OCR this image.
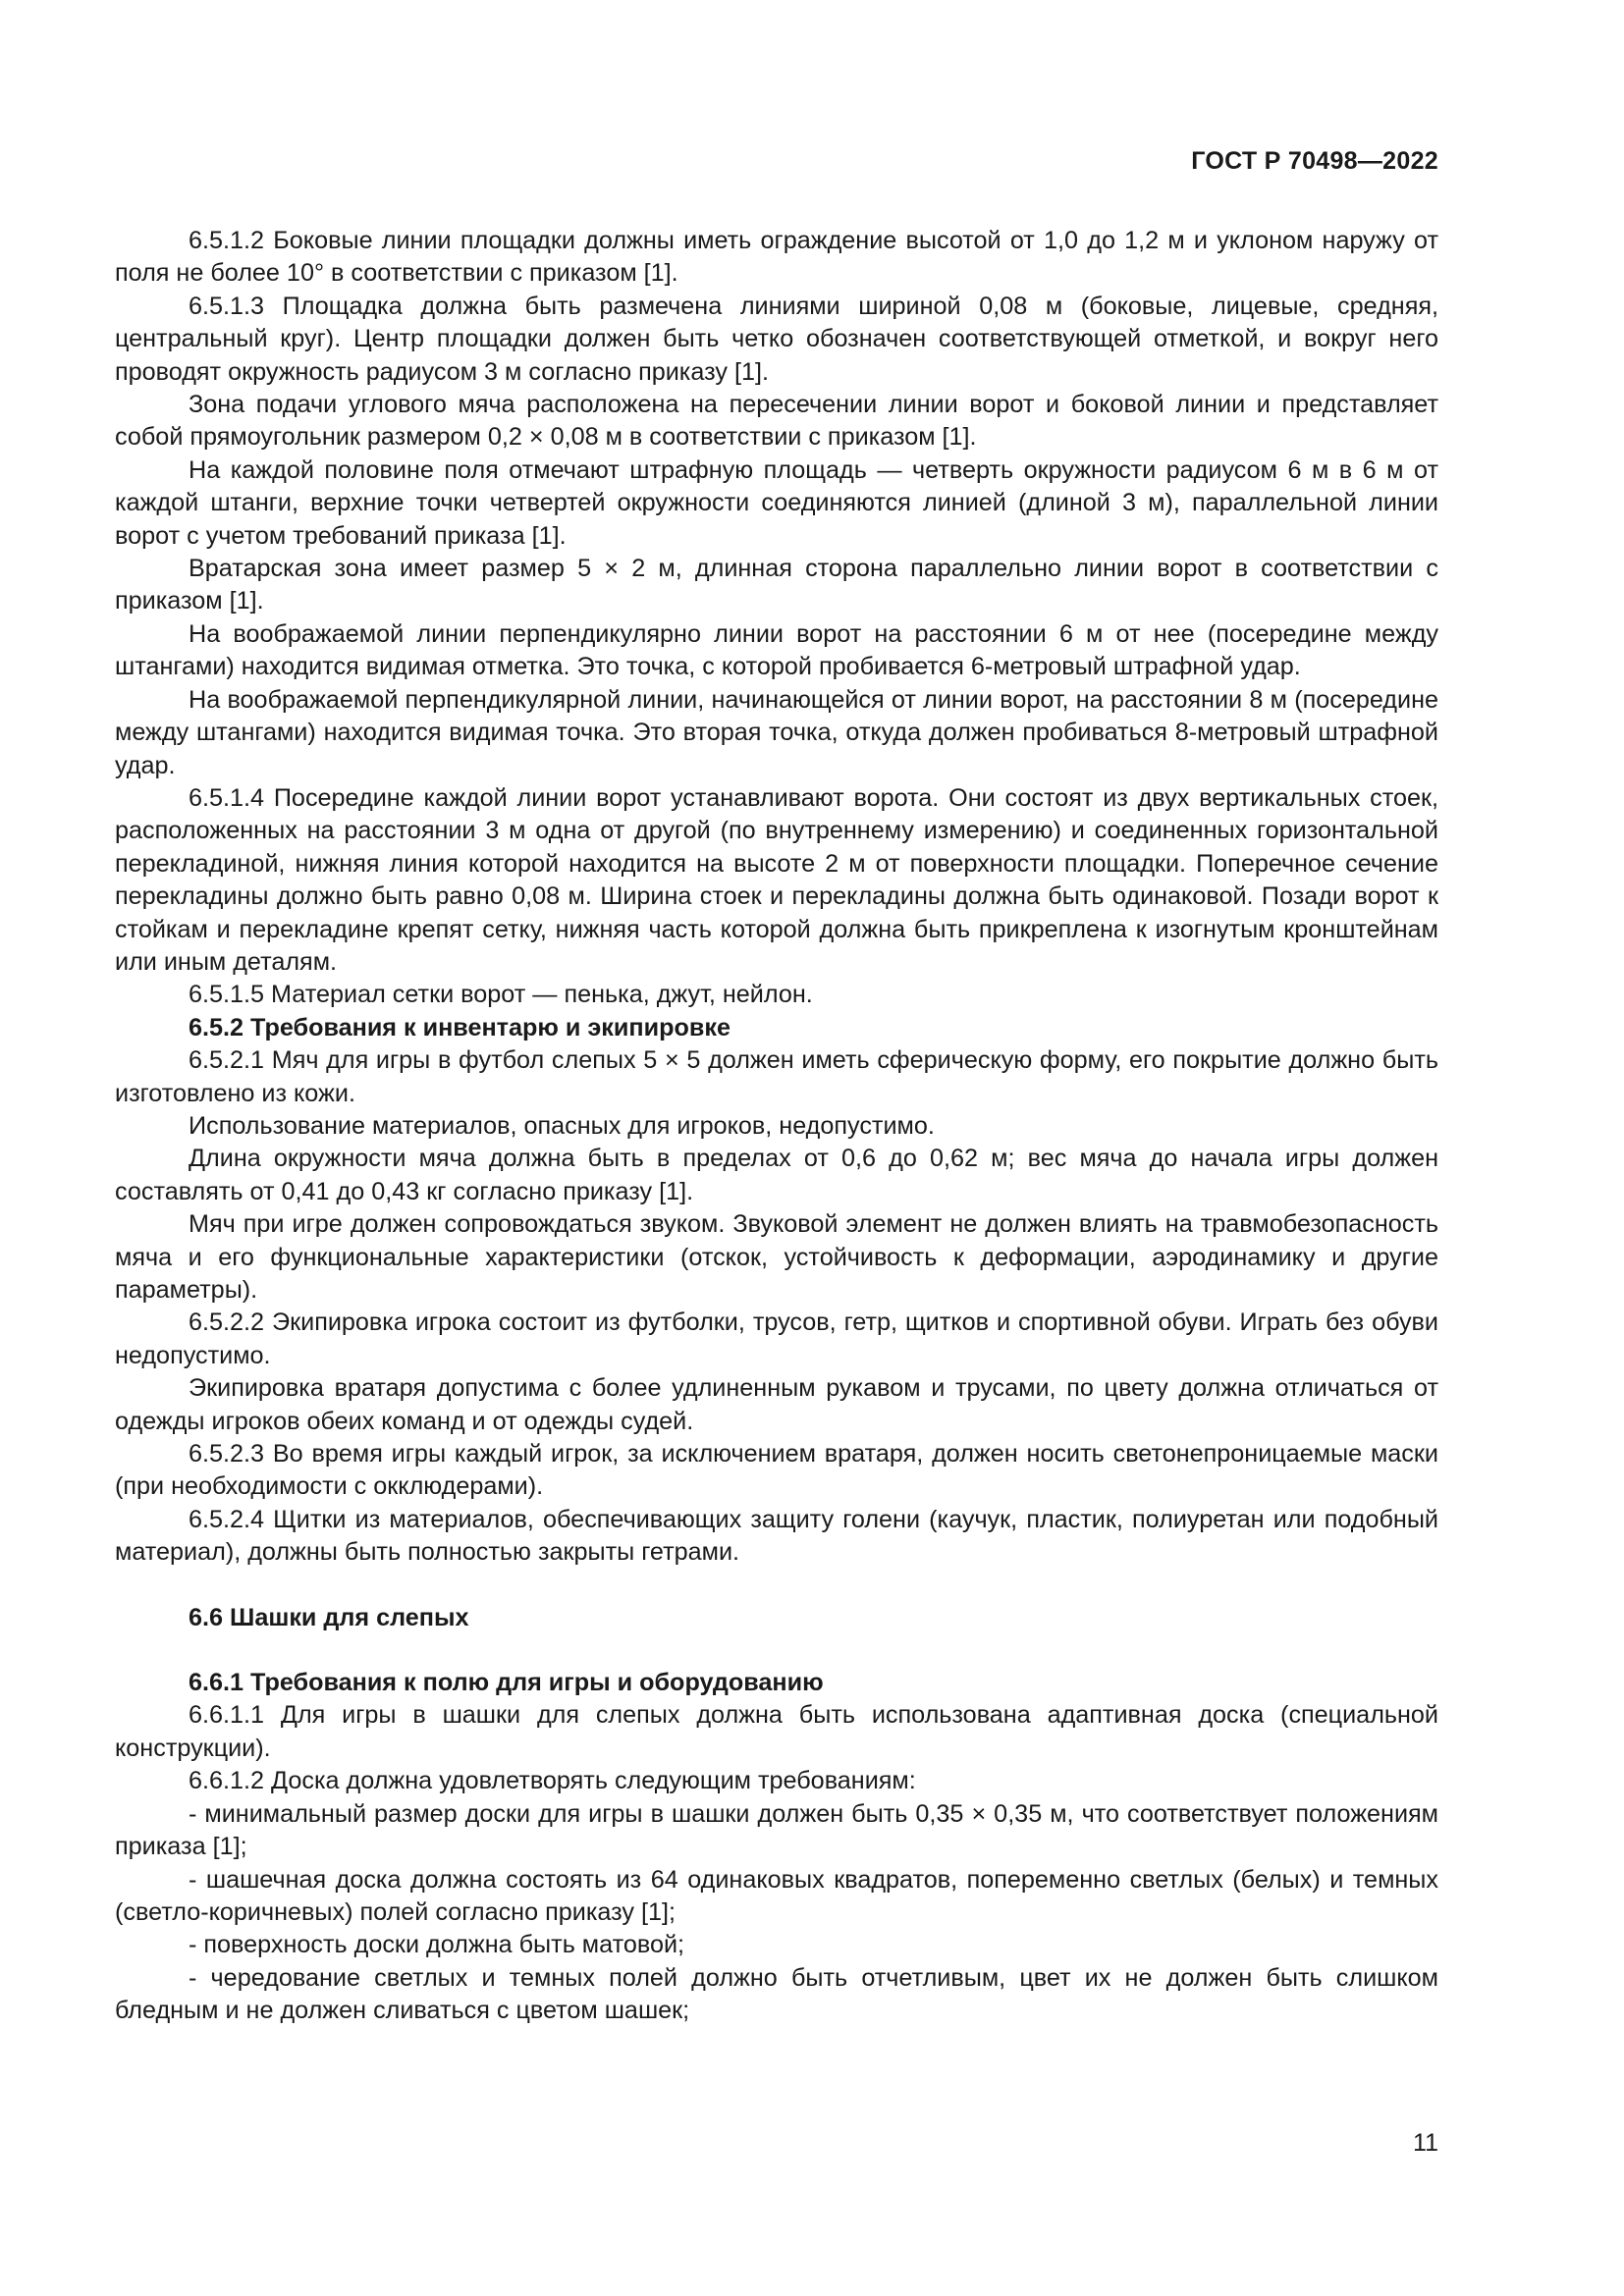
ГОСТ Р 70498—2022

6.5.1.2 Боковые линии площадки должны иметь ограждение высотой от 1,0 до 1,2 м и уклоном наружу от поля не более 10° в соответствии с приказом [1].

6.5.1.3 Площадка должна быть размечена линиями шириной 0,08 м (боковые, лицевые, средняя, центральный круг). Центр площадки должен быть четко обозначен соответствующей отметкой, и вокруг него проводят окружность радиусом 3 м согласно приказу [1].

Зона подачи углового мяча расположена на пересечении линии ворот и боковой линии и представляет собой прямоугольник размером 0,2 × 0,08 м в соответствии с приказом [1].

На каждой половине поля отмечают штрафную площадь — четверть окружности радиусом 6 м в 6 м от каждой штанги, верхние точки четвертей окружности соединяются линией (длиной 3 м), параллельной линии ворот с учетом требований приказа [1].

Вратарская зона имеет размер 5 × 2 м, длинная сторона параллельно линии ворот в соответствии с приказом [1].

На воображаемой линии перпендикулярно линии ворот на расстоянии 6 м от нее (посередине между штангами) находится видимая отметка. Это точка, с которой пробивается 6-метровый штрафной удар.

На воображаемой перпендикулярной линии, начинающейся от линии ворот, на расстоянии 8 м (посередине между штангами) находится видимая точка. Это вторая точка, откуда должен пробиваться 8-метровый штрафной удар.

6.5.1.4 Посередине каждой линии ворот устанавливают ворота. Они состоят из двух вертикальных стоек, расположенных на расстоянии 3 м одна от другой (по внутреннему измерению) и соединенных горизонтальной перекладиной, нижняя линия которой находится на высоте 2 м от поверхности площадки. Поперечное сечение перекладины должно быть равно 0,08 м. Ширина стоек и перекладины должна быть одинаковой. Позади ворот к стойкам и перекладине крепят сетку, нижняя часть которой должна быть прикреплена к изогнутым кронштейнам или иным деталям.

6.5.1.5 Материал сетки ворот — пенька, джут, нейлон.

6.5.2 Требования к инвентарю и экипировке

6.5.2.1 Мяч для игры в футбол слепых 5 × 5 должен иметь сферическую форму, его покрытие должно быть изготовлено из кожи.

Использование материалов, опасных для игроков, недопустимо.

Длина окружности мяча должна быть в пределах от 0,6 до 0,62 м; вес мяча до начала игры должен составлять от 0,41 до 0,43 кг согласно приказу [1].

Мяч при игре должен сопровождаться звуком. Звуковой элемент не должен влиять на травмобезопасность мяча и его функциональные характеристики (отскок, устойчивость к деформации, аэродинамику и другие параметры).

6.5.2.2 Экипировка игрока состоит из футболки, трусов, гетр, щитков и спортивной обуви. Играть без обуви недопустимо.

Экипировка вратаря допустима с более удлиненным рукавом и трусами, по цвету должна отличаться от одежды игроков обеих команд и от одежды судей.

6.5.2.3 Во время игры каждый игрок, за исключением вратаря, должен носить светонепроницаемые маски (при необходимости с окклюдерами).

6.5.2.4 Щитки из материалов, обеспечивающих защиту голени (каучук, пластик, полиуретан или подобный материал), должны быть полностью закрыты гетрами.

6.6 Шашки для слепых

6.6.1 Требования к полю для игры и оборудованию

6.6.1.1 Для игры в шашки для слепых должна быть использована адаптивная доска (специальной конструкции).

6.6.1.2 Доска должна удовлетворять следующим требованиям:

- минимальный размер доски для игры в шашки должен быть 0,35 × 0,35 м, что соответствует положениям приказа [1];

- шашечная доска должна состоять из 64 одинаковых квадратов, попеременно светлых (белых) и темных (светло-коричневых) полей согласно приказу [1];

- поверхность доски должна быть матовой;

- чередование светлых и темных полей должно быть отчетливым, цвет их не должен быть слишком бледным и не должен сливаться с цветом шашек;

11
